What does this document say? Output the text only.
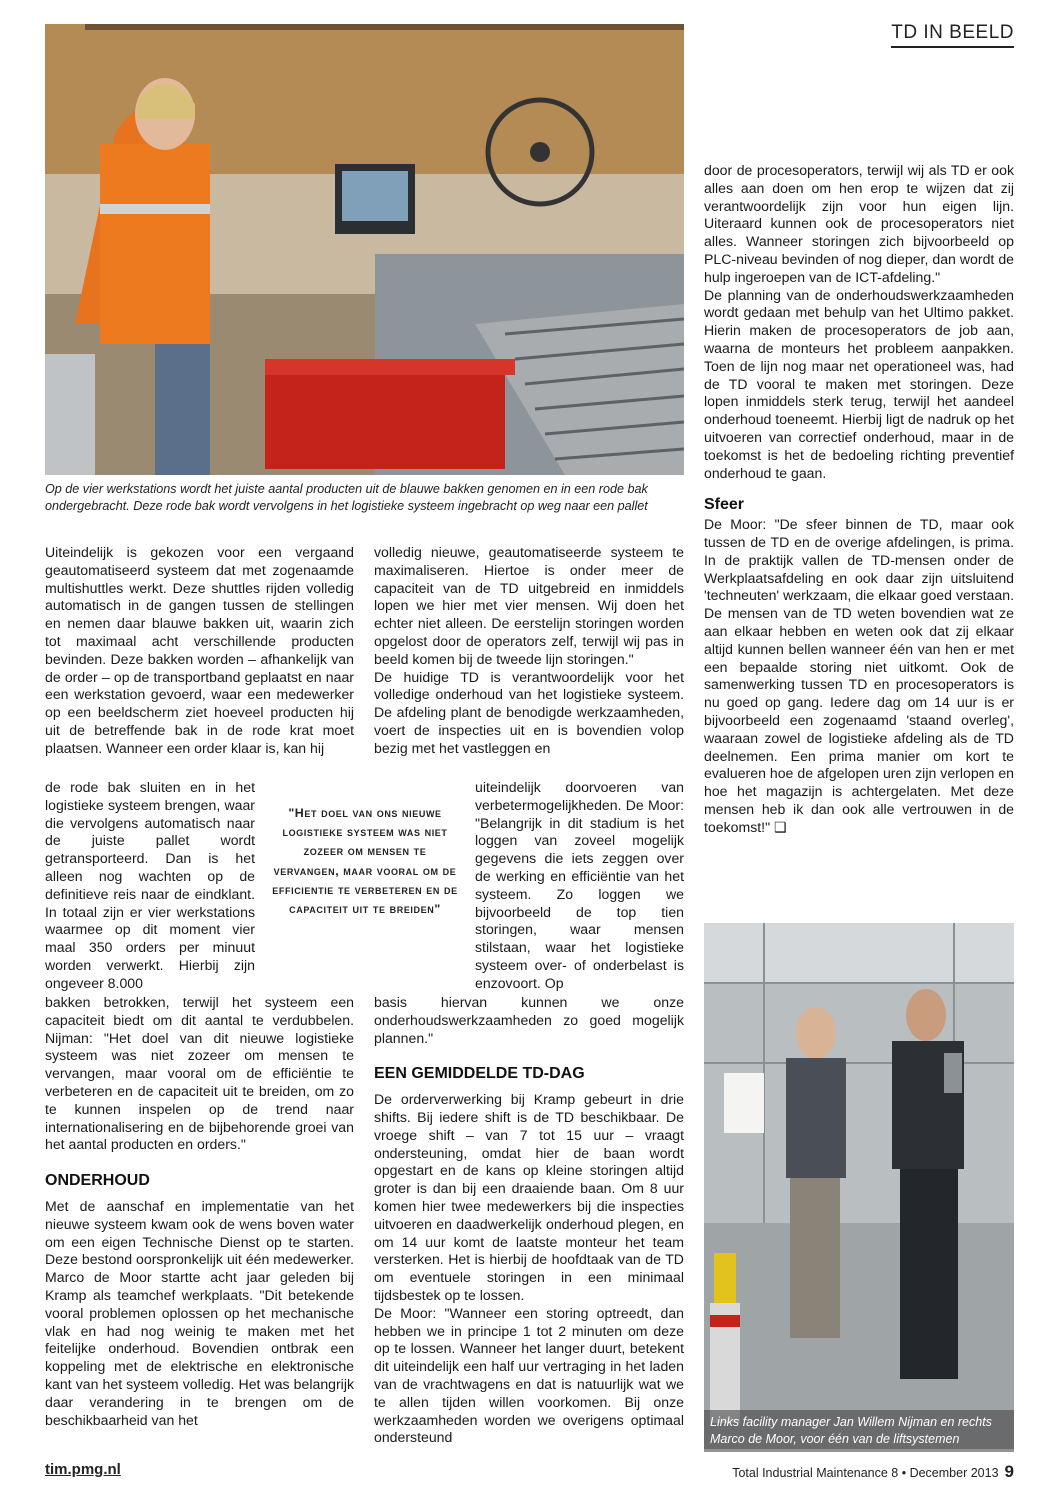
TD IN BEELD
Op de vier werkstations wordt het juiste aantal producten uit de blauwe bakken genomen en in een rode bak ondergebracht. Deze rode bak wordt vervolgens in het logistieke systeem ingebracht op weg naar een pallet

Uiteindelijk is gekozen voor een vergaand geautomatiseerd systeem dat met zogenaamde multishuttles werkt. Deze shuttles rijden volledig automatisch in de gangen tussen de stellingen en nemen daar blauwe bakken uit, waarin zich tot maximaal acht verschillende producten bevinden. Deze bakken worden – afhankelijk van de order – op de transportband geplaatst en naar een werkstation gevoerd, waar een medewerker op een beeldscherm ziet hoeveel producten hij uit de betreffende bak in de rode krat moet plaatsen. Wanneer een order klaar is, kan hij

de rode bak sluiten en in het logistieke systeem brengen, waar die vervolgens automatisch naar de juiste pallet wordt getransporteerd. Dan is het alleen nog wachten op de definitieve reis naar de eindklant. In totaal zijn er vier werkstations waarmee op dit moment vier maal 350 orders per minuut worden verwerkt. Hierbij zijn ongeveer 8.000

bakken betrokken, terwijl het systeem een capaciteit biedt om dit aantal te verdubbelen. Nijman: "Het doel van dit nieuwe logistieke systeem was niet zozeer om mensen te vervangen, maar vooral om de efficiëntie te verbeteren en de capaciteit uit te breiden, om zo te kunnen inspelen op de trend naar internationalisering en de bijbehorende groei van het aantal producten en orders."

ONDERHOUD

Met de aanschaf en implementatie van het nieuwe systeem kwam ook de wens boven water om een eigen Technische Dienst op te starten. Deze bestond oorspronkelijk uit één medewerker. Marco de Moor startte acht jaar geleden bij Kramp als teamchef werkplaats. "Dit betekende vooral problemen oplossen op het mechanische vlak en had nog weinig te maken met het feitelijke onderhoud. Bovendien ontbrak een koppeling met de elektrische en elektronische kant van het systeem volledig. Het was belangrijk daar verandering in te brengen om de beschikbaarheid van het

"Het doel van ons nieuwe logistieke systeem was niet zozeer om mensen te vervangen, maar vooral om de efficientie te verbeteren en de capaciteit uit te breiden"

volledig nieuwe, geautomatiseerde systeem te maximaliseren. Hiertoe is onder meer de capaciteit van de TD uitgebreid en inmiddels lopen we hier met vier mensen. Wij doen het echter niet alleen. De eerstelijn storingen worden opgelost door de operators zelf, terwijl wij pas in beeld komen bij de tweede lijn storingen."

De huidige TD is verantwoordelijk voor het volledige onderhoud van het logistieke systeem. De afdeling plant de benodigde werkzaamheden, voert de inspecties uit en is bovendien volop bezig met het vastleggen en

uiteindelijk doorvoeren van verbetermogelijkheden. De Moor: "Belangrijk in dit stadium is het loggen van zoveel mogelijk gegevens die iets zeggen over de werking en efficiëntie van het systeem. Zo loggen we bijvoorbeeld de top tien storingen, waar mensen stilstaan, waar het logistieke systeem over- of onderbelast is enzovoort. Op

basis hiervan kunnen we onze onderhoudswerkzaamheden zo goed mogelijk plannen."

EEN GEMIDDELDE TD-DAG

De orderverwerking bij Kramp gebeurt in drie shifts. Bij iedere shift is de TD beschikbaar. De vroege shift – van 7 tot 15 uur – vraagt ondersteuning, omdat hier de baan wordt opgestart en de kans op kleine storingen altijd groter is dan bij een draaiende baan. Om 8 uur komen hier twee medewerkers bij die inspecties uitvoeren en daadwerkelijk onderhoud plegen, en om 14 uur komt de laatste monteur het team versterken. Het is hierbij de hoofdtaak van de TD om eventuele storingen in een minimaal tijdsbestek op te lossen.

De Moor: "Wanneer een storing optreedt, dan hebben we in principe 1 tot 2 minuten om deze op te lossen. Wanneer het langer duurt, betekent dit uiteindelijk een half uur vertraging in het laden van de vrachtwagens en dat is natuurlijk wat we te allen tijden willen voorkomen. Bij onze werkzaamheden worden we overigens optimaal ondersteund

door de procesoperators, terwijl wij als TD er ook alles aan doen om hen erop te wijzen dat zij verantwoordelijk zijn voor hun eigen lijn. Uiteraard kunnen ook de procesoperators niet alles. Wanneer storingen zich bijvoorbeeld op PLC-niveau bevinden of nog dieper, dan wordt de hulp ingeroepen van de ICT-afdeling."

De planning van de onderhoudswerkzaamheden wordt gedaan met behulp van het Ultimo pakket. Hierin maken de procesoperators de job aan, waarna de monteurs het probleem aanpakken. Toen de lijn nog maar net operationeel was, had de TD vooral te maken met storingen. Deze lopen inmiddels sterk terug, terwijl het aandeel onderhoud toeneemt. Hierbij ligt de nadruk op het uitvoeren van correctief onderhoud, maar in de toekomst is het de bedoeling richting preventief onderhoud te gaan.

Sfeer

De Moor: "De sfeer binnen de TD, maar ook tussen de TD en de overige afdelingen, is prima. In de praktijk vallen de TD-mensen onder de Werkplaatsafdeling en ook daar zijn uitsluitend 'techneuten' werkzaam, die elkaar goed verstaan. De mensen van de TD weten bovendien wat ze aan elkaar hebben en weten ook dat zij elkaar altijd kunnen bellen wanneer één van hen er met een bepaalde storing niet uitkomt. Ook de samenwerking tussen TD en procesoperators is nu goed op gang. Iedere dag om 14 uur is er bijvoorbeeld een zogenaamd 'staand overleg', waaraan zowel de logistieke afdeling als de TD deelnemen. Een prima manier om kort te evalueren hoe de afgelopen uren zijn verlopen en hoe het magazijn is achtergelaten. Met deze mensen heb ik dan ook alle vertrouwen in de toekomst!" ❑

Links facility manager Jan Willem Nijman en rechts Marco de Moor, voor één van de liftsystemen
tim.pmg.nl	Total Industrial Maintenance 8 • December 2013 9
